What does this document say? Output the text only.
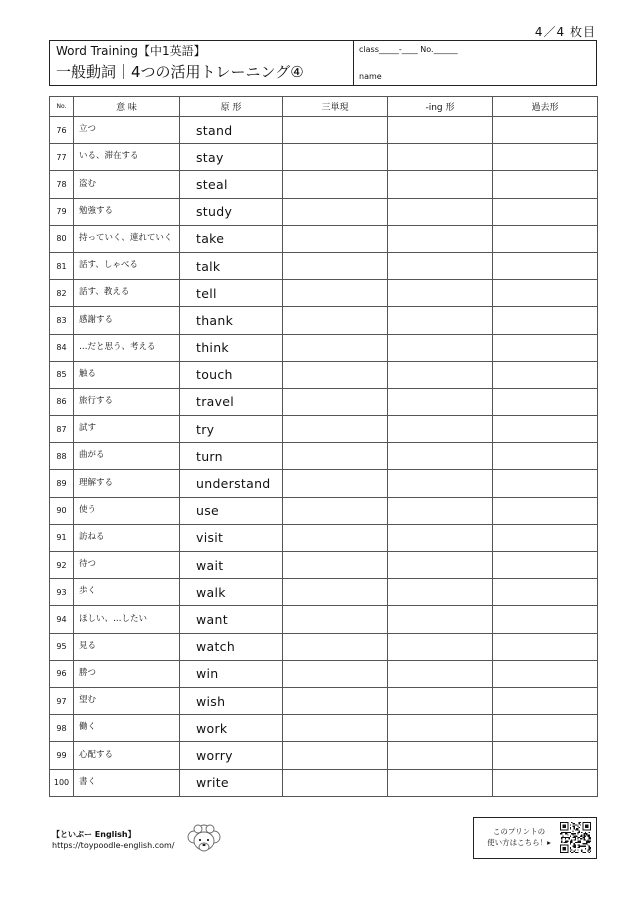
4／4 枚目
Word Training【中1英語】
一般動詞｜4つの活用トレーニング④
class_____-____ No.______
name
No.	意 味	原 形	三単現	-ing 形	過去形
76	立つ	stand			
77	いる、滞在する	stay			
78	盗む	steal			
79	勉強する	study			
80	持っていく、連れていく	take			
81	話す、しゃべる	talk			
82	話す、教える	tell			
83	感謝する	thank			
84	…だと思う、考える	think			
85	触る	touch			
86	旅行する	travel			
87	試す	try			
88	曲がる	turn			
89	理解する	understand			
90	使う	use			
91	訪ねる	visit			
92	待つ	wait			
93	歩く	walk			
94	ほしい、…したい	want			
95	見る	watch			
96	勝つ	win			
97	望む	wish			
98	働く	work			
99	心配する	worry			
100	書く	write			
【といぷー English】
https://toypoodle-english.com/
このプリントの
使い方はこちら！▸
